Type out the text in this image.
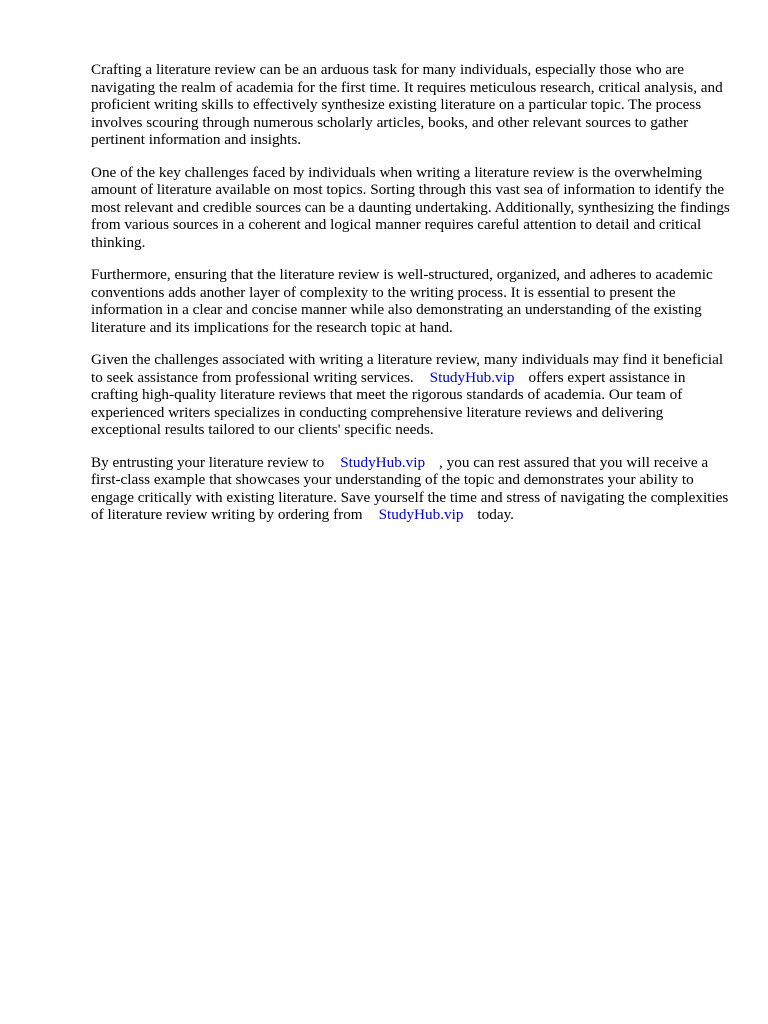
Crafting a literature review can be an arduous task for many individuals, especially those who are navigating the realm of academia for the first time. It requires meticulous research, critical analysis, and proficient writing skills to effectively synthesize existing literature on a particular topic. The process involves scouring through numerous scholarly articles, books, and other relevant sources to gather pertinent information and insights.

One of the key challenges faced by individuals when writing a literature review is the overwhelming amount of literature available on most topics. Sorting through this vast sea of information to identify the most relevant and credible sources can be a daunting undertaking. Additionally, synthesizing the findings from various sources in a coherent and logical manner requires careful attention to detail and critical thinking.

Furthermore, ensuring that the literature review is well-structured, organized, and adheres to academic conventions adds another layer of complexity to the writing process. It is essential to present the information in a clear and concise manner while also demonstrating an understanding of the existing literature and its implications for the research topic at hand.

Given the challenges associated with writing a literature review, many individuals may find it beneficial to seek assistance from professional writing services. StudyHub.vip offers expert assistance in crafting high-quality literature reviews that meet the rigorous standards of academia. Our team of experienced writers specializes in conducting comprehensive literature reviews and delivering exceptional results tailored to our clients' specific needs.

By entrusting your literature review to StudyHub.vip , you can rest assured that you will receive a first-class example that showcases your understanding of the topic and demonstrates your ability to engage critically with existing literature. Save yourself the time and stress of navigating the complexities of literature review writing by ordering from StudyHub.vip today.
